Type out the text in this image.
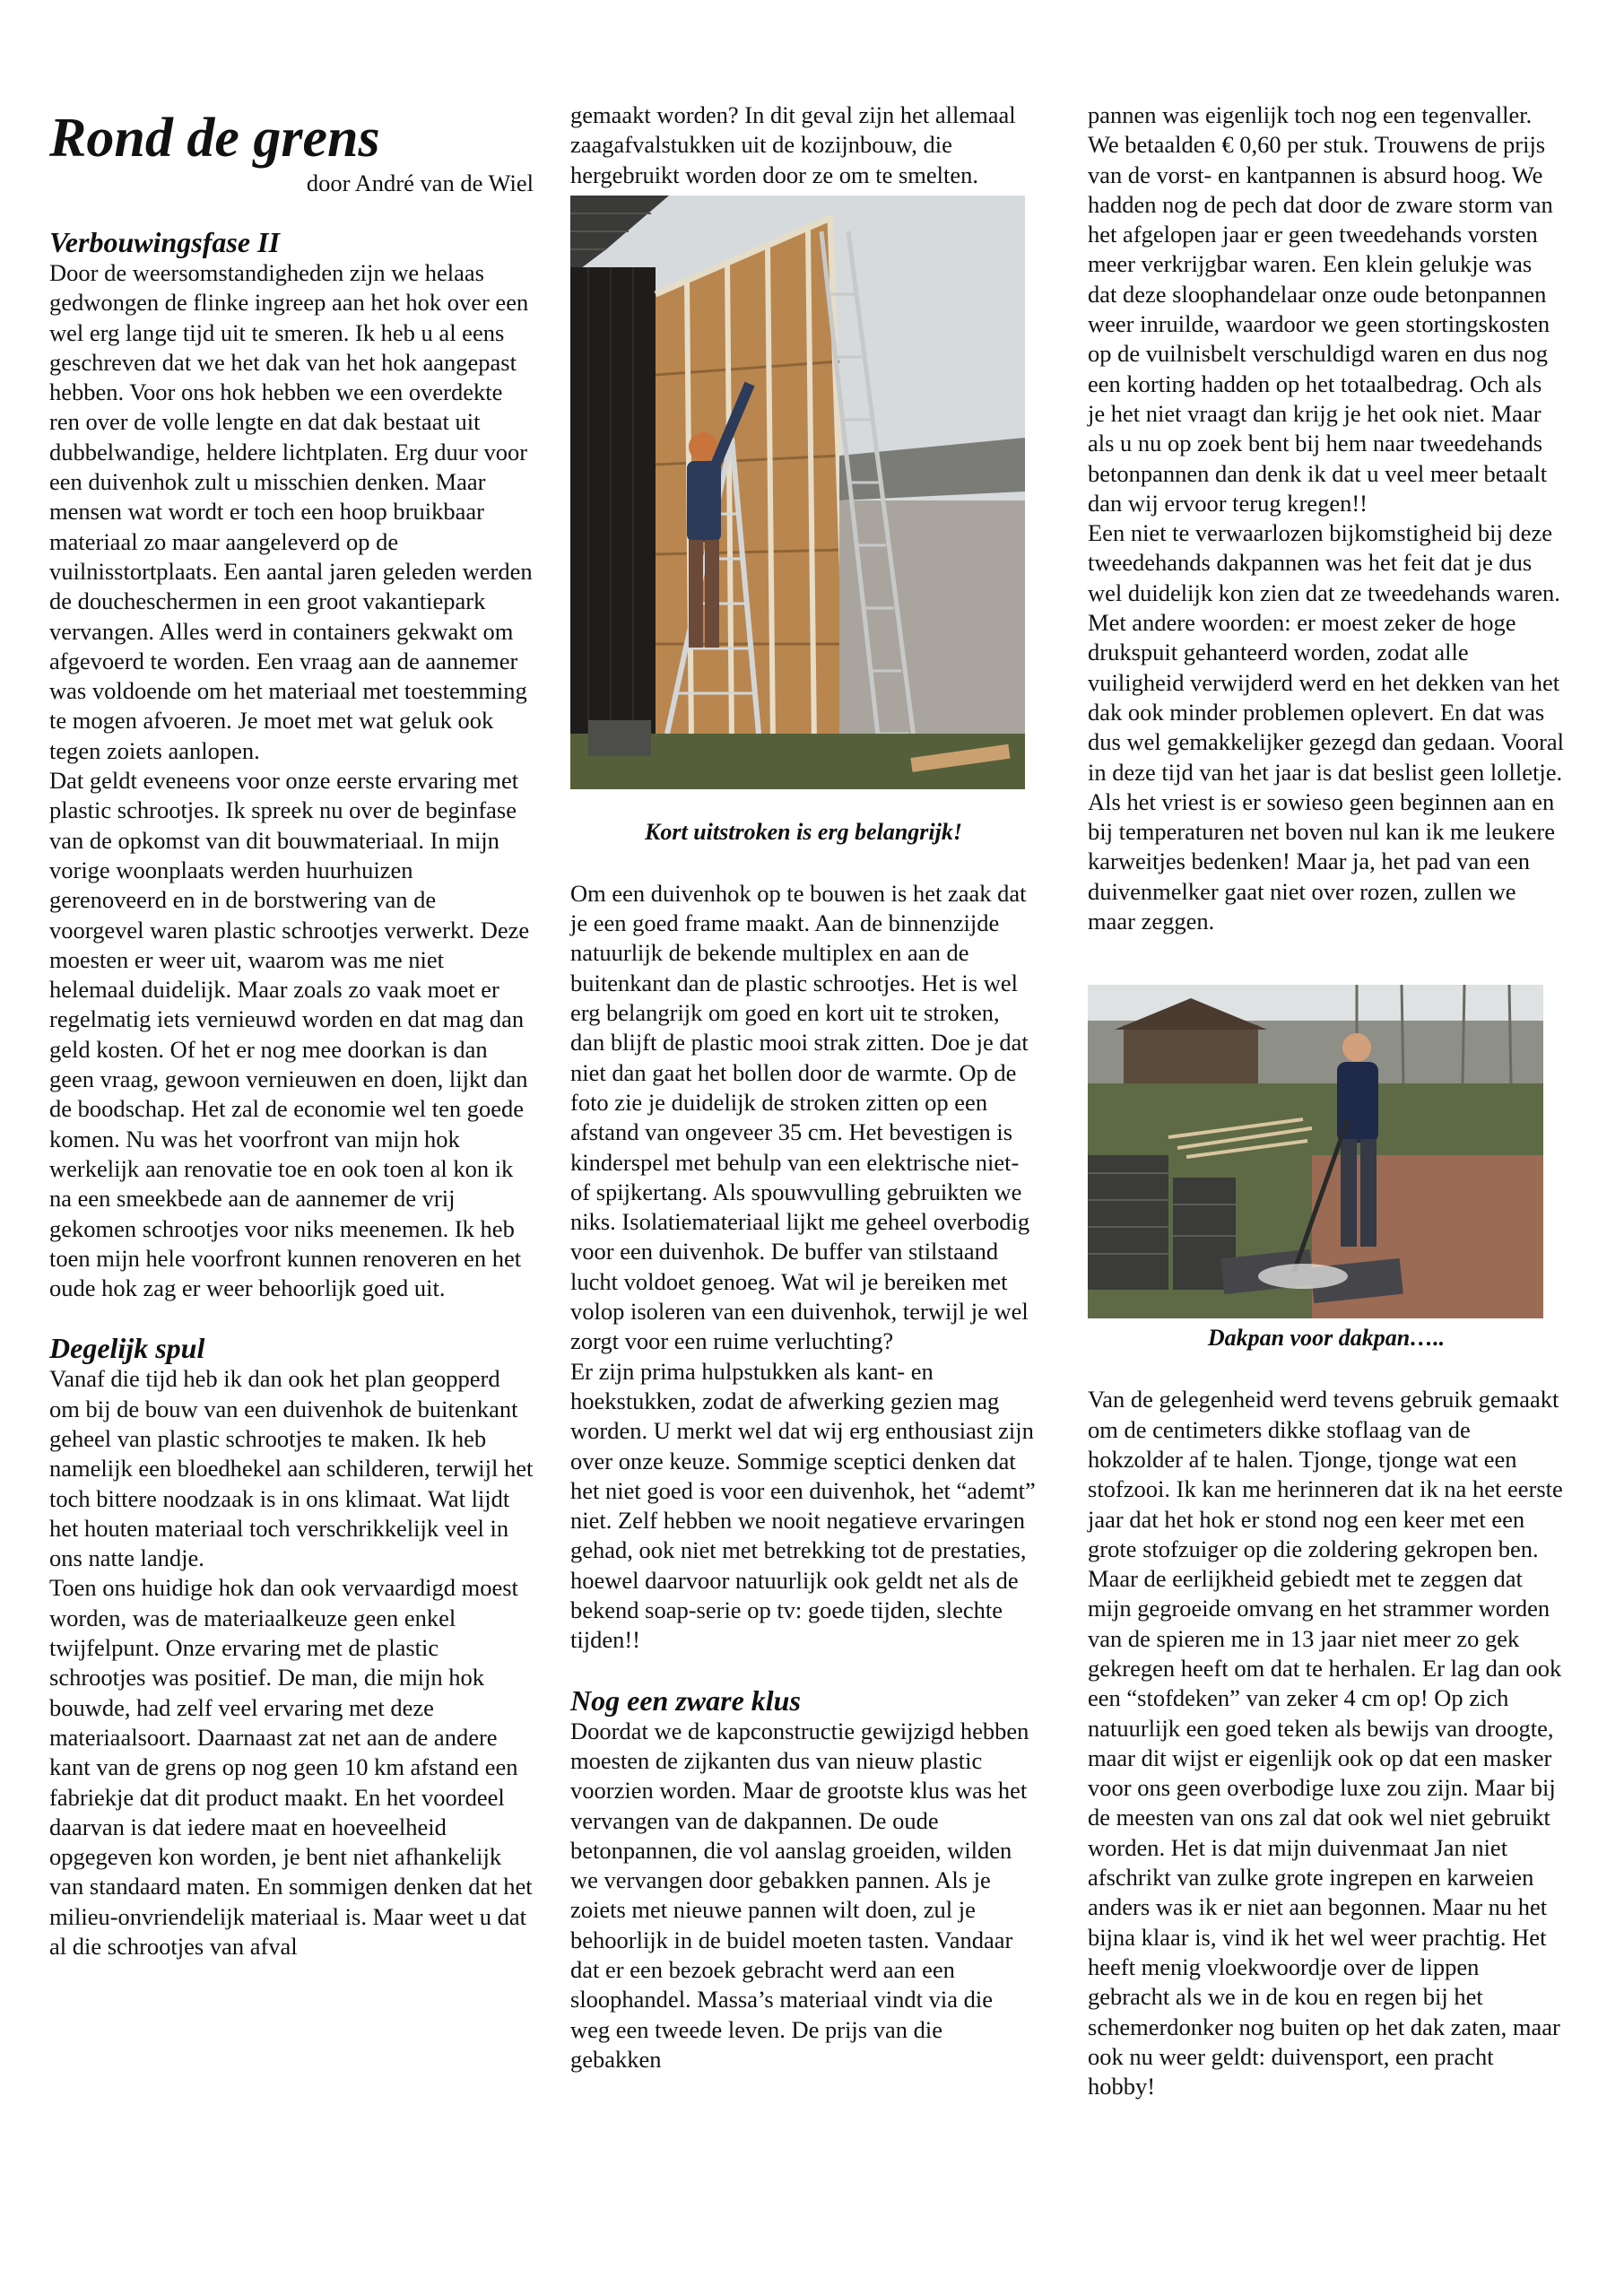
Rond de grens

door André van de Wiel

Verbouwingsfase II

Door de weersomstandigheden zijn we helaas gedwongen de flinke ingreep aan het hok over een wel erg lange tijd uit te smeren. Ik heb u al eens geschreven dat we het dak van het hok aangepast hebben. Voor ons hok hebben we een overdekte ren over de volle lengte en dat dak bestaat uit dubbelwandige, heldere lichtplaten. Erg duur voor een duivenhok zult u misschien denken. Maar mensen wat wordt er toch een hoop bruikbaar materiaal zo maar aangeleverd op de vuilnisstortplaats. Een aantal jaren geleden werden de doucheschermen in een groot vakantiepark vervangen. Alles werd in containers gekwakt om afgevoerd te worden. Een vraag aan de aannemer was voldoende om het materiaal met toestemming te mogen afvoeren. Je moet met wat geluk ook tegen zoiets aanlopen.

Dat geldt eveneens voor onze eerste ervaring met plastic schrootjes. Ik spreek nu over de beginfase van de opkomst van dit bouwmateriaal. In mijn vorige woonplaats werden huurhuizen gerenoveerd en in de borstwering van de voorgevel waren plastic schrootjes verwerkt. Deze moesten er weer uit, waarom was me niet helemaal duidelijk. Maar zoals zo vaak moet er regelmatig iets vernieuwd worden en dat mag dan geld kosten. Of het er nog mee doorkan is dan geen vraag, gewoon vernieuwen en doen, lijkt dan de boodschap. Het zal de economie wel ten goede komen. Nu was het voorfront van mijn hok werkelijk aan renovatie toe en ook toen al kon ik na een smeekbede aan de aannemer de vrij gekomen schrootjes voor niks meenemen. Ik heb toen mijn hele voorfront kunnen renoveren en het oude hok zag er weer behoorlijk goed uit.

Degelijk spul

Vanaf die tijd heb ik dan ook het plan geopperd om bij de bouw van een duivenhok de buitenkant geheel van plastic schrootjes te maken. Ik heb namelijk een bloedhekel aan schilderen, terwijl het toch bittere noodzaak is in ons klimaat. Wat lijdt het houten materiaal toch verschrikkelijk veel in ons natte landje.

Toen ons huidige hok dan ook vervaardigd moest worden, was de materiaalkeuze geen enkel twijfelpunt. Onze ervaring met de plastic schrootjes was positief. De man, die mijn hok bouwde, had zelf veel ervaring met deze materiaalsoort. Daarnaast zat net aan de andere kant van de grens op nog geen 10 km afstand een fabriekje dat dit product maakt. En het voordeel daarvan is dat iedere maat en hoeveelheid opgegeven kon worden, je bent niet afhankelijk van standaard maten. En sommigen denken dat het milieu-onvriendelijk materiaal is. Maar weet u dat al die schrootjes van afval

gemaakt worden? In dit geval zijn het allemaal zaagafvalstukken uit de kozijnbouw, die hergebruikt worden door ze om te smelten.

Kort uitstroken is erg belangrijk!

Om een duivenhok op te bouwen is het zaak dat je een goed frame maakt. Aan de binnenzijde natuurlijk de bekende multiplex en aan de buitenkant dan de plastic schrootjes. Het is wel erg belangrijk om goed en kort uit te stroken, dan blijft de plastic mooi strak zitten. Doe je dat niet dan gaat het bollen door de warmte. Op de foto zie je duidelijk de stroken zitten op een afstand van ongeveer 35 cm. Het bevestigen is kinderspel met behulp van een elektrische niet- of spijkertang. Als spouwvulling gebruikten we niks. Isolatiemateriaal lijkt me geheel overbodig voor een duivenhok. De buffer van stilstaand lucht voldoet genoeg. Wat wil je bereiken met volop isoleren van een duivenhok, terwijl je wel zorgt voor een ruime verluchting?

Er zijn prima hulpstukken als kant- en hoekstukken, zodat de afwerking gezien mag worden. U merkt wel dat wij erg enthousiast zijn over onze keuze. Sommige sceptici denken dat het niet goed is voor een duivenhok, het “ademt” niet. Zelf hebben we nooit negatieve ervaringen gehad, ook niet met betrekking tot de prestaties, hoewel daarvoor natuurlijk ook geldt net als de bekend soap-serie op tv: goede tijden, slechte tijden!!

Nog een zware klus

Doordat we de kapconstructie gewijzigd hebben moesten de zijkanten dus van nieuw plastic voorzien worden. Maar de grootste klus was het vervangen van de dakpannen. De oude betonpannen, die vol aanslag groeiden, wilden we vervangen door gebakken pannen. Als je zoiets met nieuwe pannen wilt doen, zul je behoorlijk in de buidel moeten tasten. Vandaar dat er een bezoek gebracht werd aan een sloophandel. Massa’s materiaal vindt via die weg een tweede leven. De prijs van die gebakken

pannen was eigenlijk toch nog een tegenvaller. We betaalden € 0,60 per stuk. Trouwens de prijs van de vorst- en kantpannen is absurd hoog. We hadden nog de pech dat door de zware storm van het afgelopen jaar er geen tweedehands vorsten meer verkrijgbar waren. Een klein gelukje was dat deze sloophandelaar onze oude betonpannen weer inruilde, waardoor we geen stortingskosten op de vuilnisbelt verschuldigd waren en dus nog een korting hadden op het totaalbedrag. Och als je het niet vraagt dan krijg je het ook niet. Maar als u nu op zoek bent bij hem naar tweedehands betonpannen dan denk ik dat u veel meer betaalt dan wij ervoor terug kregen!!

Een niet te verwaarlozen bijkomstigheid bij deze tweedehands dakpannen was het feit dat je dus wel duidelijk kon zien dat ze tweedehands waren. Met andere woorden: er moest zeker de hoge drukspuit gehanteerd worden, zodat alle vuiligheid verwijderd werd en het dekken van het dak ook minder problemen oplevert. En dat was dus wel gemakkelijker gezegd dan gedaan. Vooral in deze tijd van het jaar is dat beslist geen lolletje. Als het vriest is er sowieso geen beginnen aan en bij temperaturen net boven nul kan ik me leukere karweitjes bedenken! Maar ja, het pad van een duivenmelker gaat niet over rozen, zullen we maar zeggen.

Dakpan voor dakpan…..

Van de gelegenheid werd tevens gebruik gemaakt om de centimeters dikke stoflaag van de hokzolder af te halen. Tjonge, tjonge wat een stofzooi. Ik kan me herinneren dat ik na het eerste jaar dat het hok er stond nog een keer met een grote stofzuiger op die zoldering gekropen ben. Maar de eerlijkheid gebiedt met te zeggen dat mijn gegroeide omvang en het strammer worden van de spieren me in 13 jaar niet meer zo gek gekregen heeft om dat te herhalen. Er lag dan ook een “stofdeken” van zeker 4 cm op! Op zich natuurlijk een goed teken als bewijs van droogte, maar dit wijst er eigenlijk ook op dat een masker voor ons geen overbodige luxe zou zijn. Maar bij de meesten van ons zal dat ook wel niet gebruikt worden. Het is dat mijn duivenmaat Jan niet afschrikt van zulke grote ingrepen en karweien anders was ik er niet aan begonnen. Maar nu het bijna klaar is, vind ik het wel weer prachtig. Het heeft menig vloekwoordje over de lippen gebracht als we in de kou en regen bij het schemerdonker nog buiten op het dak zaten, maar ook nu weer geldt: duivensport, een pracht hobby!
